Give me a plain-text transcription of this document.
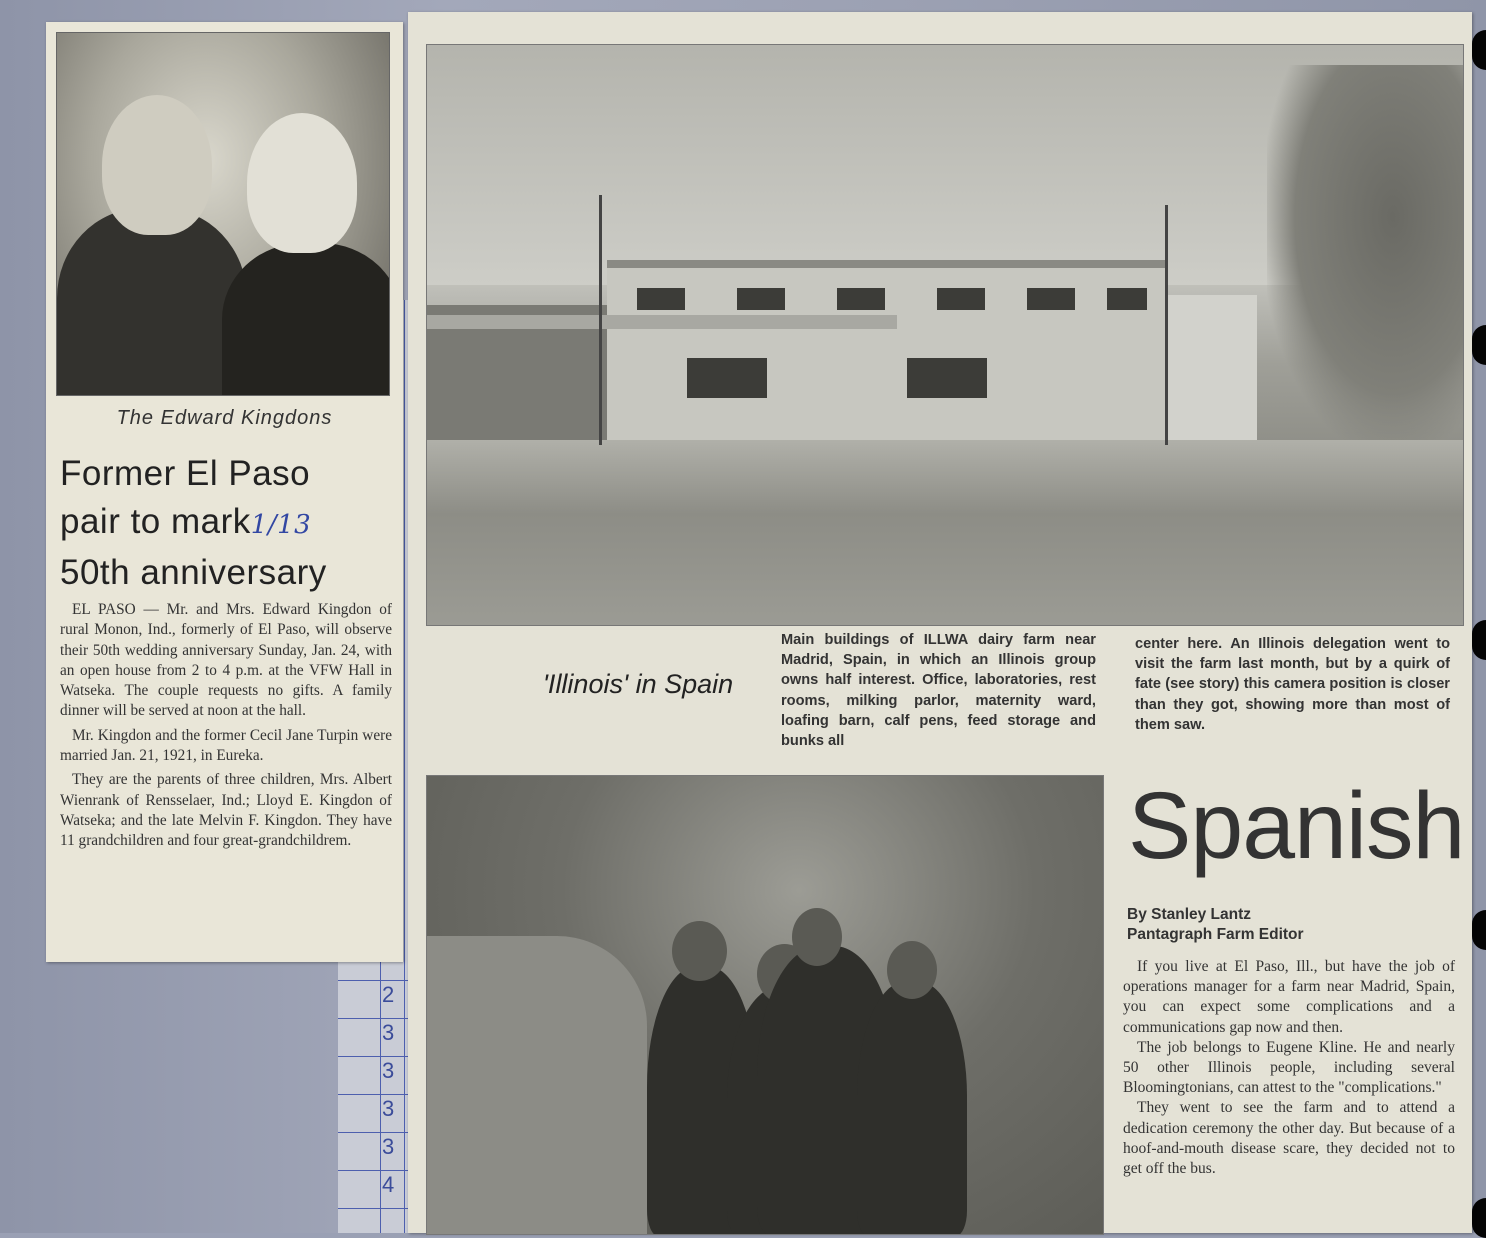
2
3
3
3
3
4
The Edward Kingdons
Former El Paso
pair to mark1/13
50th anniversary

EL PASO — Mr. and Mrs. Edward Kingdon of rural Monon, Ind., formerly of El Paso, will observe their 50th wedding anniversary Sunday, Jan. 24, with an open house from 2 to 4 p.m. at the VFW Hall in Watseka. The couple requests no gifts. A family dinner will be served at noon at the hall.

Mr. Kingdon and the former Cecil Jane Turpin were married Jan. 21, 1921, in Eureka.

They are the parents of three children, Mrs. Albert Wienrank of Rensselaer, Ind.; Lloyd E. Kingdon of Watseka; and the late Melvin F. Kingdon. They have 11 grandchildren and four great-grandchildrem.

'Illinois' in Spain
Main buildings of ILLWA dairy farm near Madrid, Spain, in which an Illinois group owns half interest. Office, laboratories, rest rooms, milking parlor, maternity ward, loafing barn, calf pens, feed storage and bunks all
center here. An Illinois delegation went to visit the farm last month, but by a quirk of fate (see story) this camera position is closer than they got, showing more than most of them saw.
Spanish
By Stanley Lantz
Pantagraph Farm Editor

If you live at El Paso, Ill., but have the job of operations manager for a farm near Madrid, Spain, you can expect some complications and a communications gap now and then.

The job belongs to Eugene Kline. He and nearly 50 other Illinois people, including several Bloomingtonians, can attest to the "complications."

They went to see the farm and to attend a dedication ceremony the other day. But because of a hoof-and-mouth disease scare, they decided not to get off the bus.
